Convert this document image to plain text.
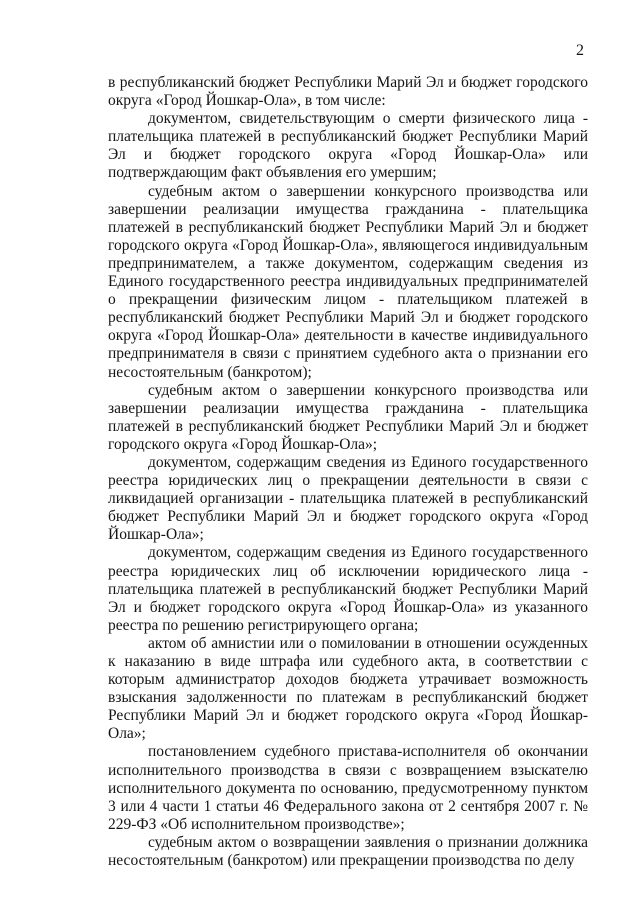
2

в республиканский бюджет Республики Марий Эл и бюджет городского округа «Город Йошкар-Ола», в том числе:

документом, свидетельствующим о смерти физического лица - плательщика платежей в республиканский бюджет Республики Марий Эл и бюджет городского округа «Город Йошкар-Ола» или подтверждающим факт объявления его умершим;

судебным актом о завершении конкурсного производства или завершении реализации имущества гражданина - плательщика платежей в республиканский бюджет Республики Марий Эл и бюджет городского округа «Город Йошкар-Ола», являющегося индивидуальным предпринимателем, а также документом, содержащим сведения из Единого государственного реестра индивидуальных предпринимателей о прекращении физическим лицом - плательщиком платежей в республиканский бюджет Республики Марий Эл и бюджет городского округа «Город Йошкар-Ола» деятельности в качестве индивидуального предпринимателя в связи с принятием судебного акта о признании его несостоятельным (банкротом);

судебным актом о завершении конкурсного производства или завершении реализации имущества гражданина - плательщика платежей в республиканский бюджет Республики Марий Эл и бюджет городского округа «Город Йошкар-Ола»;

документом, содержащим сведения из Единого государственного реестра юридических лиц о прекращении деятельности в связи с ликвидацией организации - плательщика платежей в республиканский бюджет Республики Марий Эл и бюджет городского округа «Город Йошкар-Ола»;

документом, содержащим сведения из Единого государственного реестра юридических лиц об исключении юридического лица - плательщика платежей в республиканский бюджет Республики Марий Эл и бюджет городского округа «Город Йошкар-Ола» из указанного реестра по решению регистрирующего органа;

актом об амнистии или о помиловании в отношении осужденных к наказанию в виде штрафа или судебного акта, в соответствии с которым администратор доходов бюджета утрачивает возможность взыскания задолженности по платежам в республиканский бюджет Республики Марий Эл и бюджет городского округа «Город Йошкар-Ола»;

постановлением судебного пристава-исполнителя об окончании исполнительного производства в связи с возвращением взыскателю исполнительного документа по основанию, предусмотренному пунктом 3 или 4 части 1 статьи 46 Федерального закона от 2 сентября 2007 г. № 229-ФЗ «Об исполнительном производстве»;

судебным актом о возвращении заявления о признании должника несостоятельным (банкротом) или прекращении производства по делу
